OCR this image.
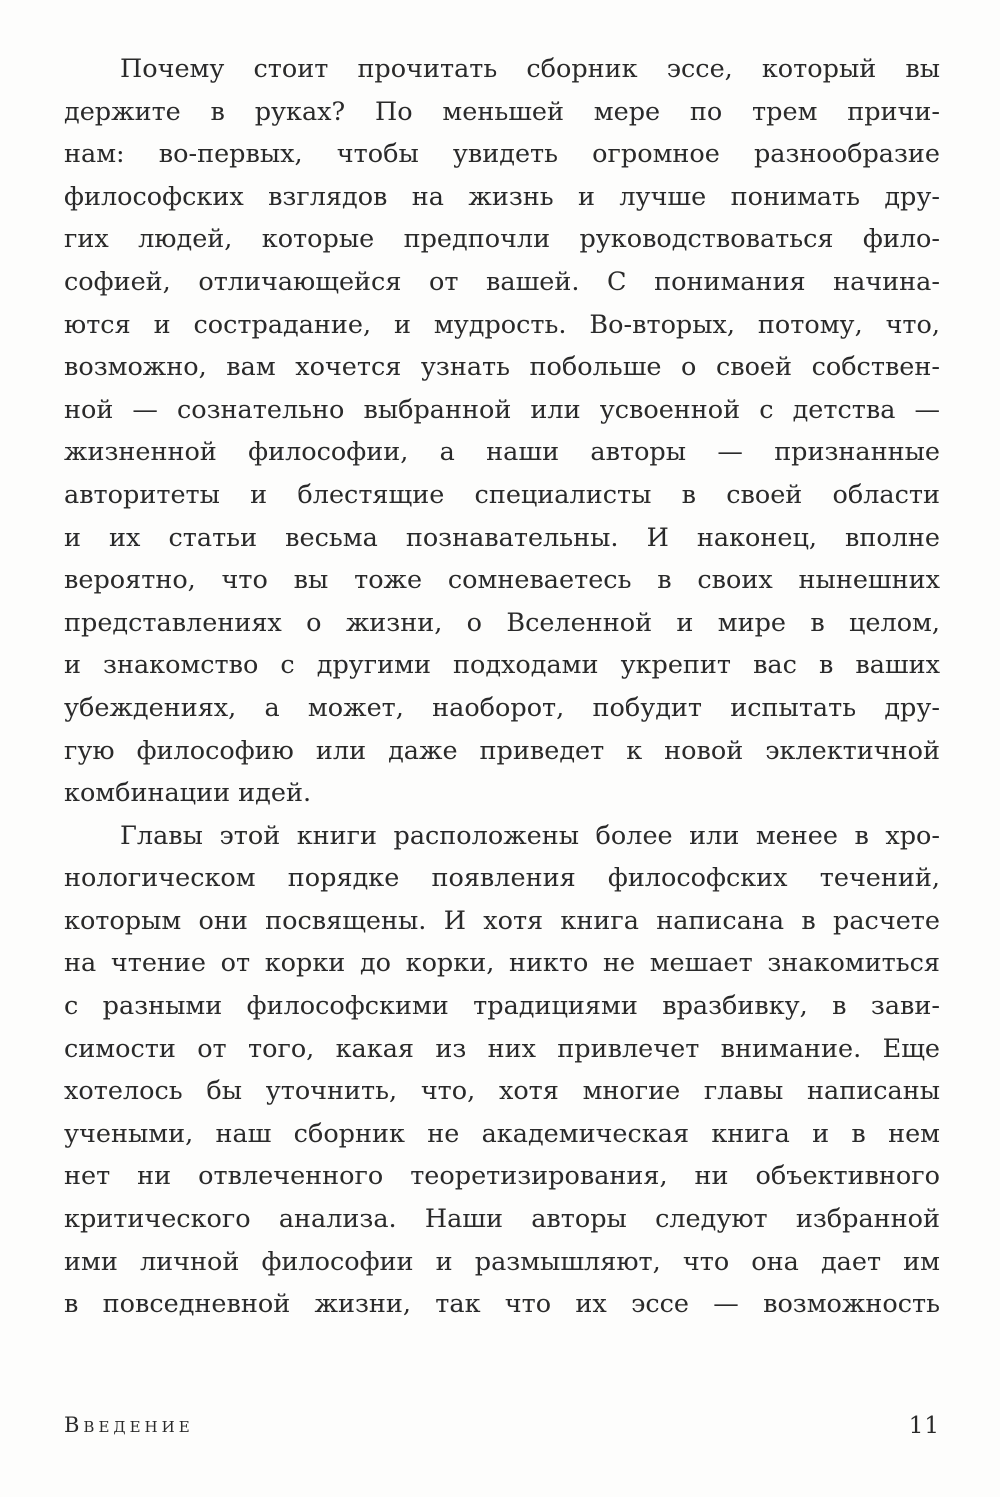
Почему стоит прочитать сборник эссе, который вы
держите в руках? По меньшей мере по трем причи-
нам: во-первых, чтобы увидеть огромное разнообразие
философских взглядов на жизнь и лучше понимать дру-
гих людей, которые предпочли руководствоваться фило-
софией, отличающейся от вашей. С понимания начина-
ются и сострадание, и мудрость. Во-вторых, потому, что,
возможно, вам хочется узнать побольше о своей собствен-
ной — сознательно выбранной или усвоенной с детства —
жизненной философии, а наши авторы — признанные
авторитеты и блестящие специалисты в своей области
и их статьи весьма познавательны. И наконец, вполне
вероятно, что вы тоже сомневаетесь в своих нынешних
представлениях о жизни, о Вселенной и мире в целом,
и знакомство с другими подходами укрепит вас в ваших
убеждениях, а может, наоборот, побудит испытать дру-
гую философию или даже приведет к новой эклектичной
комбинации идей.
Главы этой книги расположены более или менее в хро-
нологическом порядке появления философских течений,
которым они посвящены. И хотя книга написана в расчете
на чтение от корки до корки, никто не мешает знакомиться
с разными философскими традициями вразбивку, в зави-
симости от того, какая из них привлечет внимание. Еще
хотелось бы уточнить, что, хотя многие главы написаны
учеными, наш сборник не академическая книга и в нем
нет ни отвлеченного теоретизирования, ни объективного
критического анализа. Наши авторы следуют избранной
ими личной философии и размышляют, что она дает им
в повседневной жизни, так что их эссе — возможность
Введение	11
